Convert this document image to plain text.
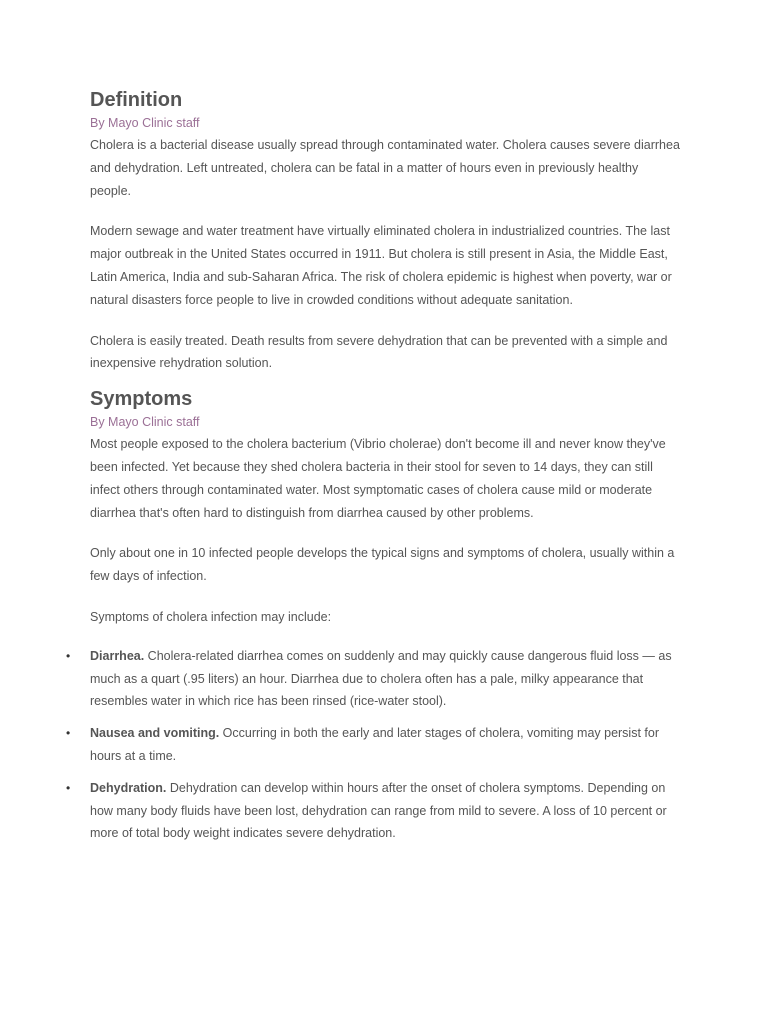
Definition
By Mayo Clinic staff

Cholera is a bacterial disease usually spread through contaminated water. Cholera causes severe diarrhea and dehydration. Left untreated, cholera can be fatal in a matter of hours even in previously healthy people.

Modern sewage and water treatment have virtually eliminated cholera in industrialized countries. The last major outbreak in the United States occurred in 1911. But cholera is still present in Asia, the Middle East, Latin America, India and sub-Saharan Africa. The risk of cholera epidemic is highest when poverty, war or natural disasters force people to live in crowded conditions without adequate sanitation.

Cholera is easily treated. Death results from severe dehydration that can be prevented with a simple and inexpensive rehydration solution.

Symptoms
By Mayo Clinic staff

Most people exposed to the cholera bacterium (Vibrio cholerae) don't become ill and never know they've been infected. Yet because they shed cholera bacteria in their stool for seven to 14 days, they can still infect others through contaminated water. Most symptomatic cases of cholera cause mild or moderate diarrhea that's often hard to distinguish from diarrhea caused by other problems.

Only about one in 10 infected people develops the typical signs and symptoms of cholera, usually within a few days of infection.

Symptoms of cholera infection may include:

• Diarrhea. Cholera-related diarrhea comes on suddenly and may quickly cause dangerous fluid loss — as much as a quart (.95 liters) an hour. Diarrhea due to cholera often has a pale, milky appearance that resembles water in which rice has been rinsed (rice-water stool).
• Nausea and vomiting. Occurring in both the early and later stages of cholera, vomiting may persist for hours at a time.
• Dehydration. Dehydration can develop within hours after the onset of cholera symptoms. Depending on how many body fluids have been lost, dehydration can range from mild to severe. A loss of 10 percent or more of total body weight indicates severe dehydration.
